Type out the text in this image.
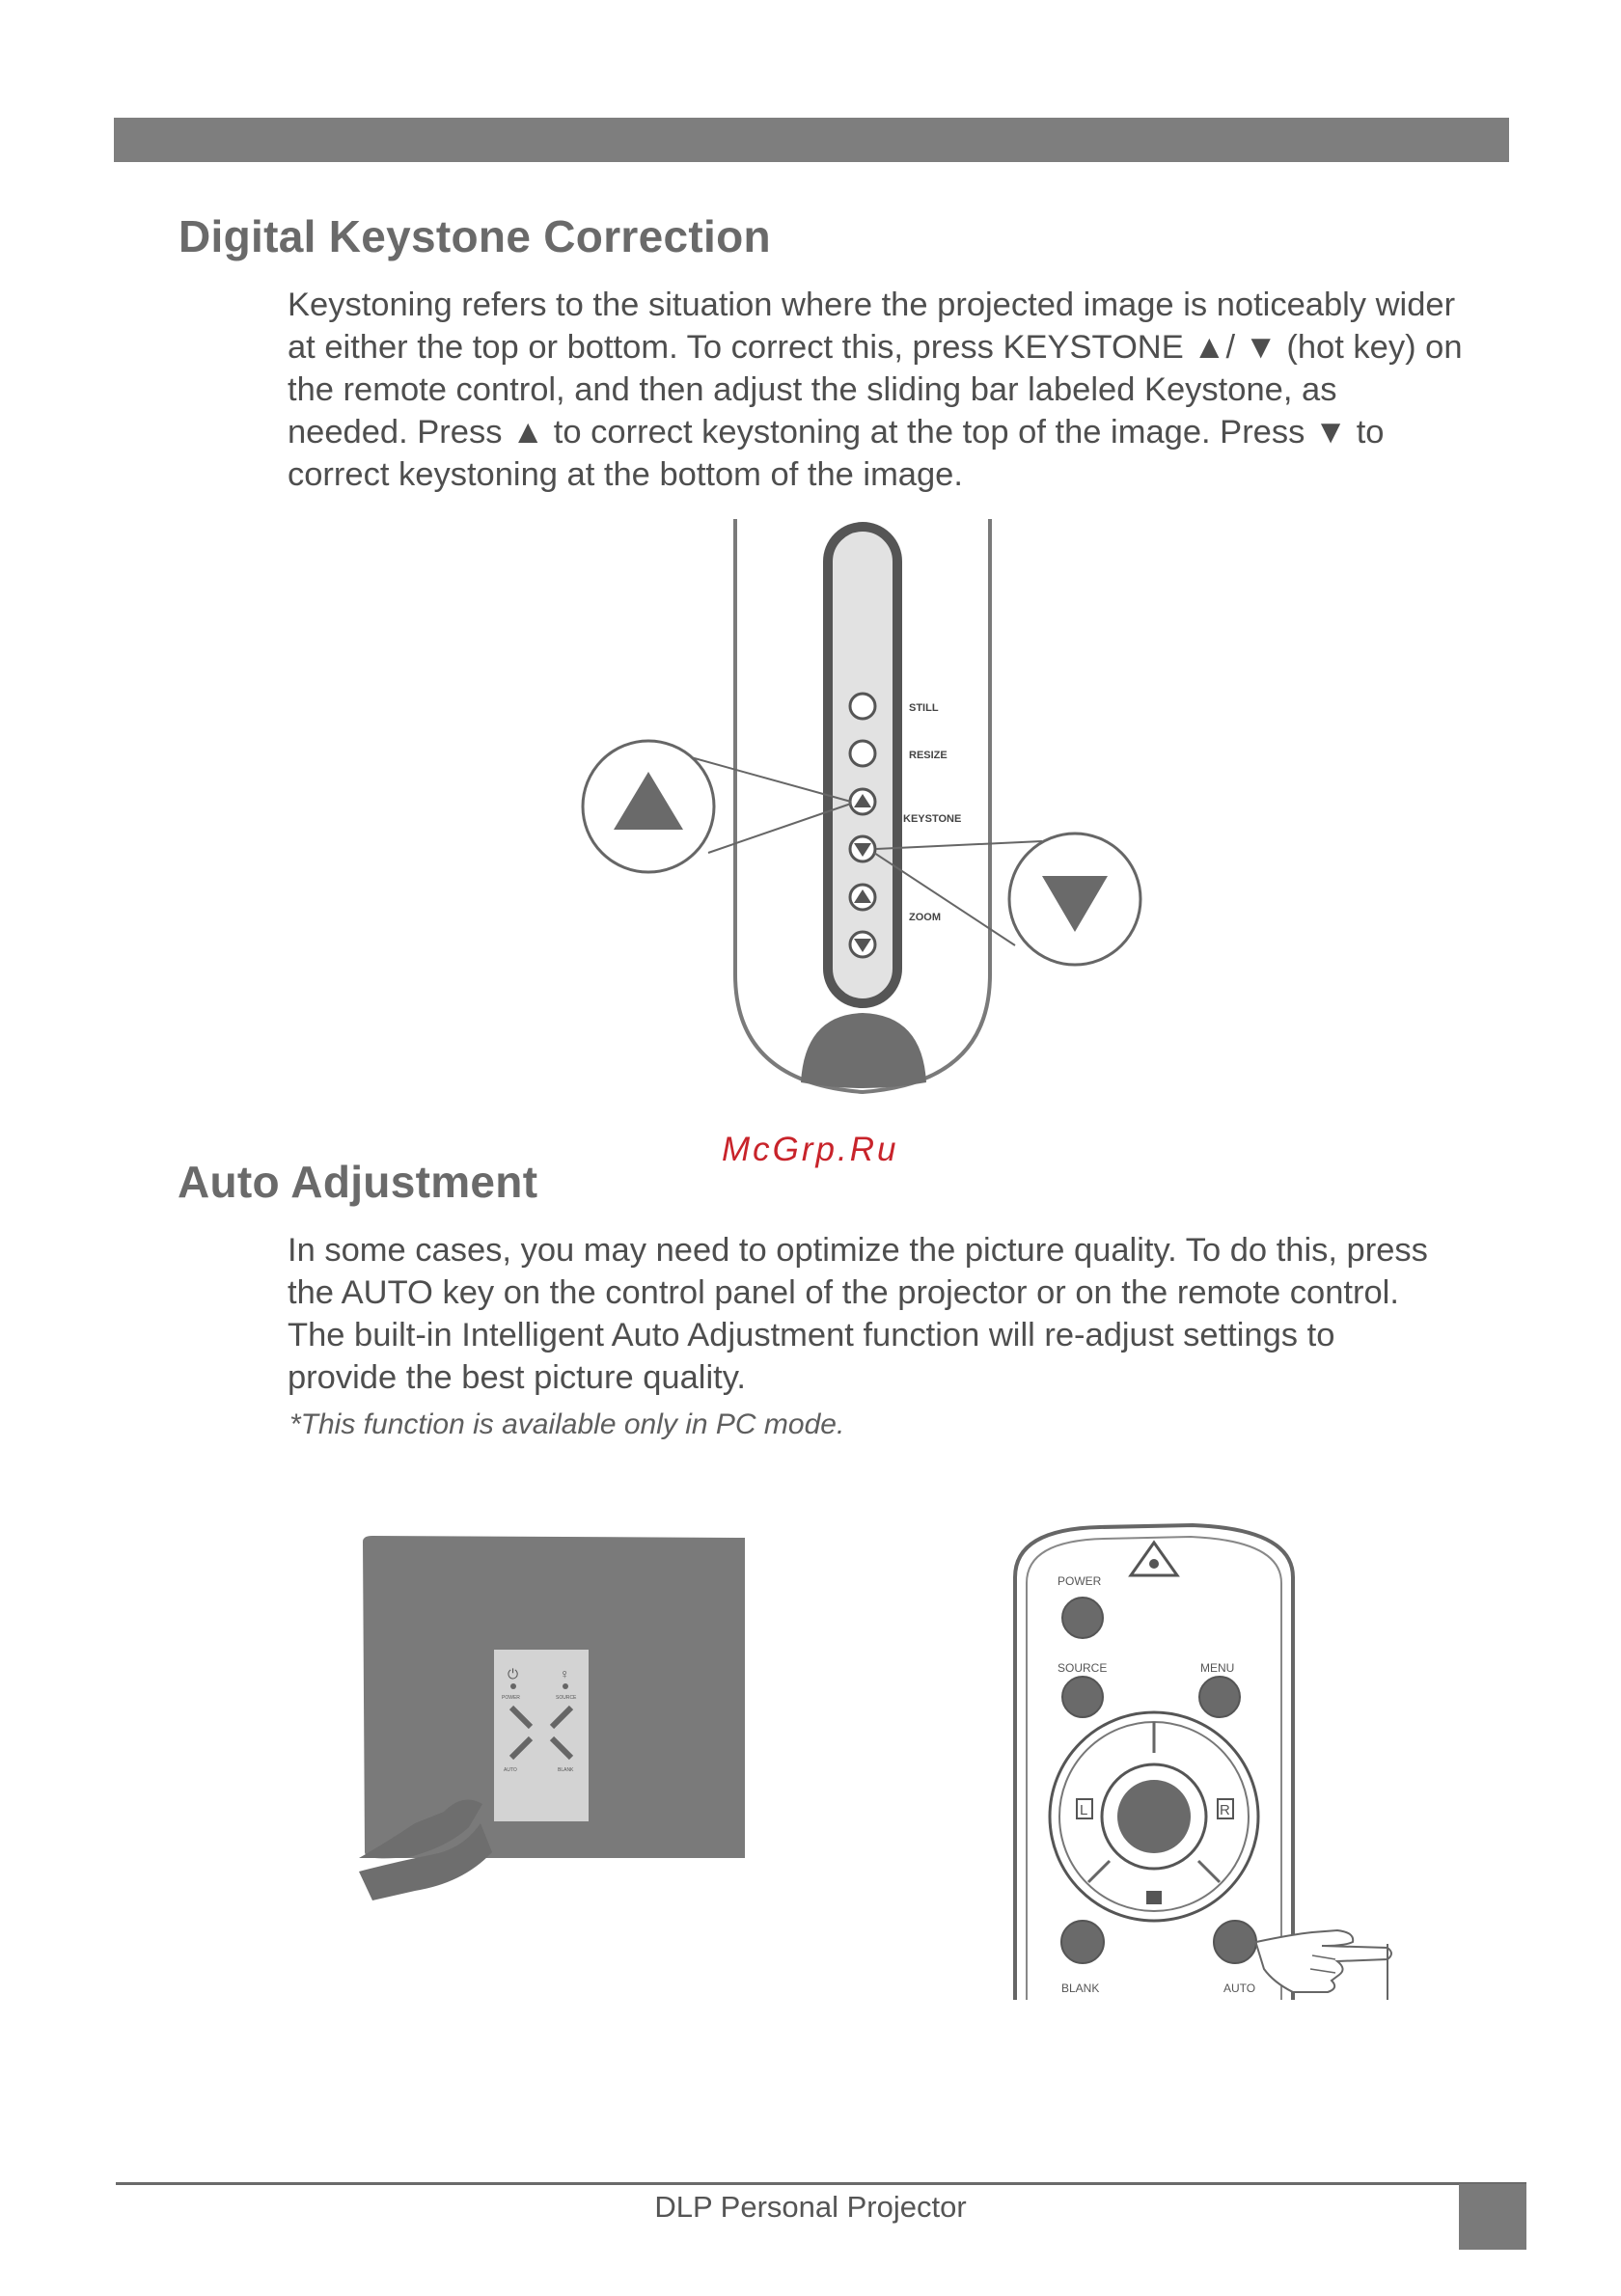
Digital Keystone Correction

Keystoning refers to the situation where the projected image is noticeably wider

at either the top or bottom. To correct this, press KEYSTONE ▲/ ▼ (hot key) on

the remote control, and then adjust the sliding bar labeled Keystone, as

needed. Press ▲ to correct keystoning at the top of the image. Press ▼ to

correct keystoning at the bottom of the image.

STILL
RESIZE
KEYSTONE
ZOOM
McGrp.Ru
Auto Adjustment

In some cases, you may need to optimize the picture quality. To do this, press

the AUTO key on the control panel of the projector or on the remote control.

The built-in Intelligent Auto Adjustment function will re-adjust settings to

provide the best picture quality.

*This function is available only in PC mode.

⏻
POWER
♀
SOURCE
AUTO	BLANK
POWER
SOURCE	MENU
L	R
BLANK	AUTO
DLP Personal Projector
